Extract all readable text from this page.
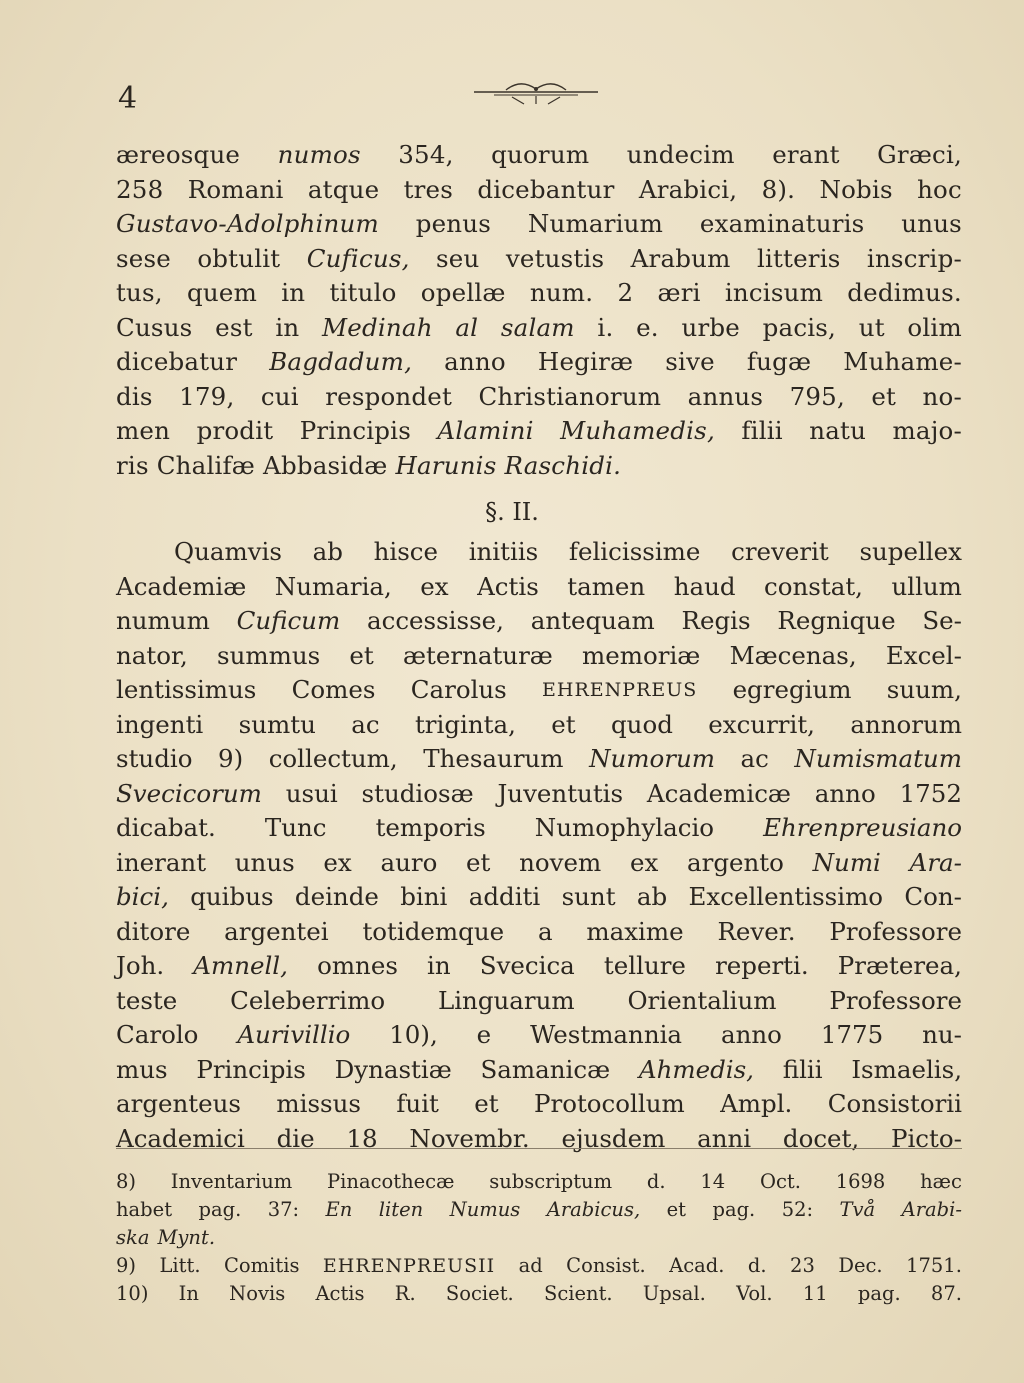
4
æreosque numos 354, quorum undecim erant Græci,
258 Romani atque tres dicebantur Arabici, 8). Nobis hoc
Gustavo-Adolphinum penus Numarium examinaturis unus
sese obtulit Cuficus, seu vetustis Arabum litteris inscrip-
tus, quem in titulo opellæ num. 2 æri incisum dedimus.
Cusus est in Medinah al salam i. e. urbe pacis, ut olim
dicebatur Bagdadum, anno Hegiræ sive fugæ Muhame-
dis 179, cui respondet Christianorum annus 795, et no-
men prodit Principis Alamini Muhamedis, filii natu majo-
ris Chalifæ Abbasidæ Harunis Raschidi.
§. II.
Quamvis ab hisce initiis felicissime creverit supellex
Academiæ Numaria, ex Actis tamen haud constat, ullum
numum Cuficum accessisse, antequam Regis Regnique Se-
nator, summus et æternaturæ memoriæ Mæcenas, Excel-
lentissimus Comes Carolus EHRENPREUS egregium suum,
ingenti sumtu ac triginta, et quod excurrit, annorum
studio 9) collectum, Thesaurum Numorum ac Numismatum
Svecicorum usui studiosæ Juventutis Academicæ anno 1752
dicabat. Tunc temporis Numophylacio Ehrenpreusiano
inerant unus ex auro et novem ex argento Numi Ara-
bici, quibus deinde bini additi sunt ab Excellentissimo Con-
ditore argentei totidemque a maxime Rever. Professore
Joh. Amnell, omnes in Svecica tellure reperti. Præterea,
teste Celeberrimo Linguarum Orientalium Professore
Carolo Aurivillio 10), e Westmannia anno 1775 nu-
mus Principis Dynastiæ Samanicæ Ahmedis, filii Ismaelis,
argenteus missus fuit et Protocollum Ampl. Consistorii
Academici die 18 Novembr. ejusdem anni docet, Picto-
8) Inventarium Pinacothecæ subscriptum d. 14 Oct. 1698 hæc
habet pag. 37: En liten Numus Arabicus, et pag. 52: Två Arabi-
ska Mynt.
9) Litt. Comitis EHRENPREUSII ad Consist. Acad. d. 23 Dec. 1751.
10) In Novis Actis R. Societ. Scient. Upsal. Vol. 11 pag. 87.
